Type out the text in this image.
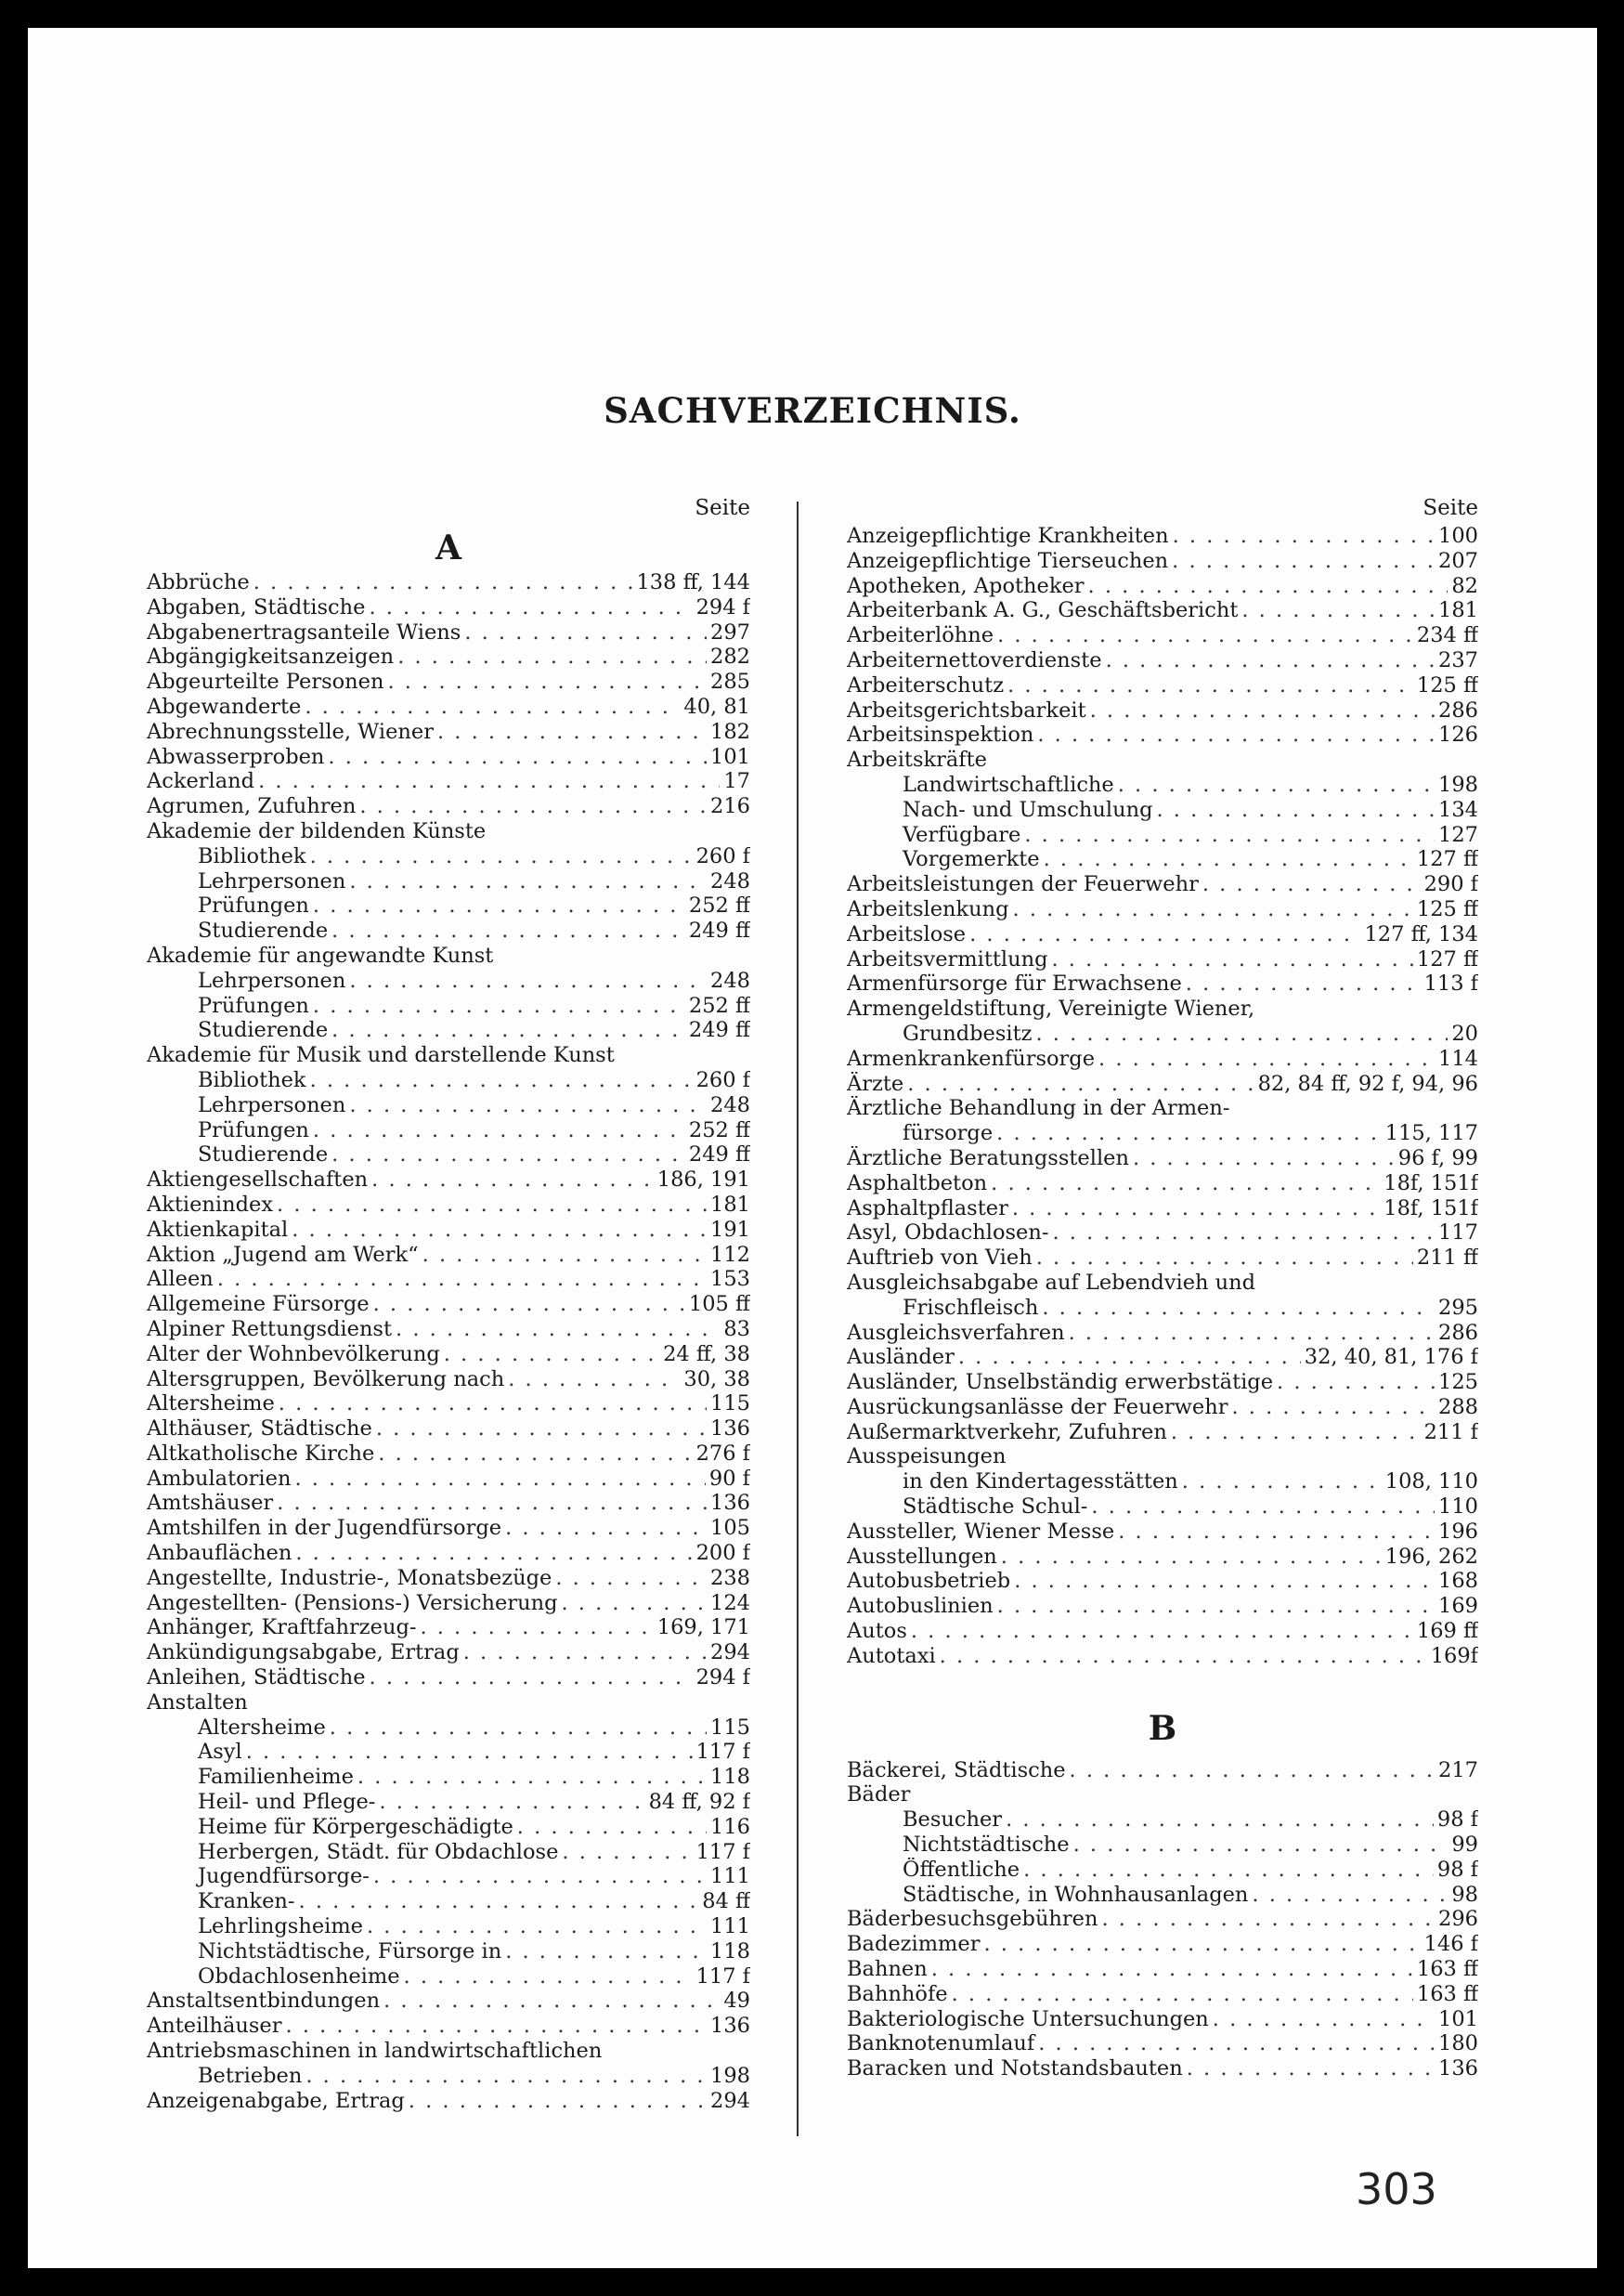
SACHVERZEICHNIS.
Seite
A
Abbrüche . . .	138 ff, 144
Abgaben, Städtische . . .	294 f
Abgabenertragsanteile Wiens . . .	297
Abgängigkeitsanzeigen . . .	282
Abgeurteilte Personen . . .	285
Abgewanderte . . .	40, 81
Abrechnungsstelle, Wiener . . .	182
Abwasserproben . . .	101
Ackerland . . .	17
Agrumen, Zufuhren . . .	216
Akademie der bildenden Künste
Bibliothek . . .	260 f
Lehrpersonen . . .	248
Prüfungen . . .	252 ff
Studierende . . .	249 ff
Akademie für angewandte Kunst
Lehrpersonen . . .	248
Prüfungen . . .	252 ff
Studierende . . .	249 ff
Akademie für Musik und darstellende Kunst
Bibliothek . . .	260 f
Lehrpersonen . . .	248
Prüfungen . . .	252 ff
Studierende . . .	249 ff
Aktiengesellschaften . . .	186, 191
Aktienindex . . .	181
Aktienkapital . . .	191
Aktion „Jugend am Werk“ . . .	112
Alleen . . .	153
Allgemeine Fürsorge . . .	105 ff
Alpiner Rettungsdienst . . .	83
Alter der Wohnbevölkerung . . .	24 ff, 38
Altersgruppen, Bevölkerung nach . . .	30, 38
Altersheime . . .	115
Althäuser, Städtische . . .	136
Altkatholische Kirche . . .	276 f
Ambulatorien . . .	90 f
Amtshäuser . . .	136
Amtshilfen in der Jugendfürsorge . . .	105
Anbauflächen . . .	200 f
Angestellte, Industrie-, Monatsbezüge . . .	238
Angestellten- (Pensions-) Versicherung . . .	124
Anhänger, Kraftfahrzeug- . . .	169, 171
Ankündigungsabgabe, Ertrag . . .	294
Anleihen, Städtische . . .	294 f
Anstalten
Altersheime . . .	115
Asyl . . .	117 f
Familienheime . . .	118
Heil- und Pflege- . . .	84 ff, 92 f
Heime für Körpergeschädigte . . .	116
Herbergen, Städt. für Obdachlose . . .	117 f
Jugendfürsorge- . . .	111
Kranken- . . .	84 ff
Lehrlingsheime . . .	111
Nichtstädtische, Fürsorge in . . .	118
Obdachlosenheime . . .	117 f
Anstaltsentbindungen . . .	49
Anteilhäuser . . .	136
Antriebsmaschinen in landwirtschaftlichen
Betrieben . . .	198
Anzeigenabgabe, Ertrag . . .	294
Seite
Anzeigepflichtige Krankheiten . . .	100
Anzeigepflichtige Tierseuchen . . .	207
Apotheken, Apotheker . . .	82
Arbeiterbank A. G., Geschäftsbericht . . .	181
Arbeiterlöhne . . .	234 ff
Arbeiternettoverdienste . . .	237
Arbeiterschutz . . .	125 ff
Arbeitsgerichtsbarkeit . . .	286
Arbeitsinspektion . . .	126
Arbeitskräfte
Landwirtschaftliche . . .	198
Nach- und Umschulung . . .	134
Verfügbare . . .	127
Vorgemerkte . . .	127 ff
Arbeitsleistungen der Feuerwehr . . .	290 f
Arbeitslenkung . . .	125 ff
Arbeitslose . . .	127 ff, 134
Arbeitsvermittlung . . .	127 ff
Armenfürsorge für Erwachsene . . .	113 f
Armengeldstiftung, Vereinigte Wiener,
Grundbesitz . . .	20
Armenkrankenfürsorge . . .	114
Ärzte . . .	82, 84 ff, 92 f, 94, 96
Ärztliche Behandlung in der Armen-
fürsorge . . .	115, 117
Ärztliche Beratungsstellen . . .	96 f, 99
Asphaltbeton . . .	18f, 151f
Asphaltpflaster . . .	18f, 151f
Asyl, Obdachlosen- . . .	117
Auftrieb von Vieh . . .	211 ff
Ausgleichsabgabe auf Lebendvieh und
Frischfleisch . . .	295
Ausgleichsverfahren . . .	286
Ausländer . . .	32, 40, 81, 176 f
Ausländer, Unselbständig erwerbstätige . . .	125
Ausrückungsanlässe der Feuerwehr . . .	288
Außermarktverkehr, Zufuhren . . .	211 f
Ausspeisungen
in den Kindertagesstätten . . .	108, 110
Städtische Schul- . . .	110
Aussteller, Wiener Messe . . .	196
Ausstellungen . . .	196, 262
Autobusbetrieb . . .	168
Autobuslinien . . .	169
Autos . . .	169 ff
Autotaxi . . .	169f
B
Bäckerei, Städtische . . .	217
Bäder
Besucher . . .	98 f
Nichtstädtische . . .	99
Öffentliche . . .	98 f
Städtische, in Wohnhausanlagen . . .	98
Bäderbesuchsgebühren . . .	296
Badezimmer . . .	146 f
Bahnen . . .	163 ff
Bahnhöfe . . .	163 ff
Bakteriologische Untersuchungen . . .	101
Banknotenumlauf . . .	180
Baracken und Notstandsbauten . . .	136
303
